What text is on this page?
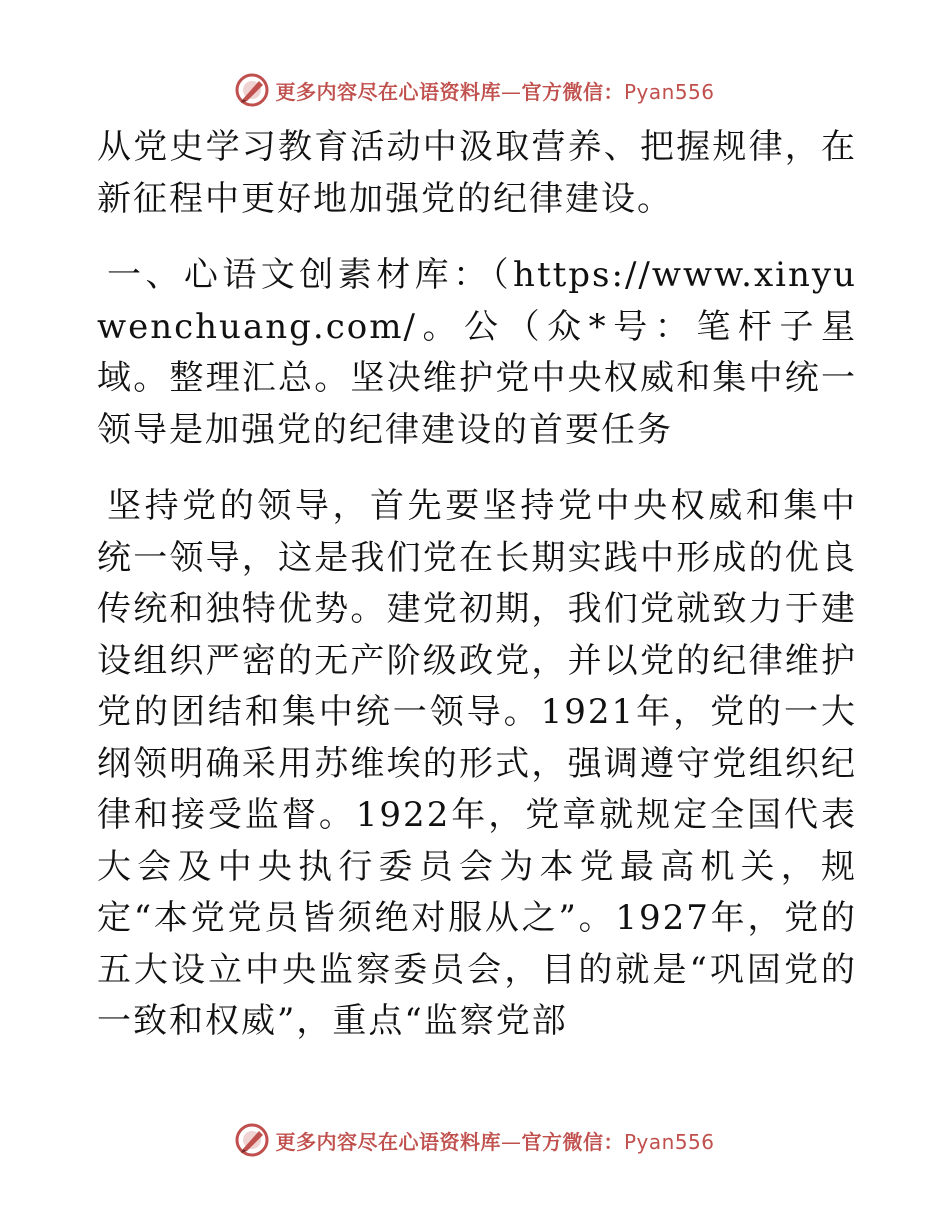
更多内容尽在心语资料库—官方微信：Pyan556

从党史学习教育活动中汲取营养、把握规律，在新征程中更好地加强党的纪律建设。

一、心语文创素材库：（https://www.xinyuwenchuang.com/。公（众*号：笔杆子星域。整理汇总。坚决维护党中央权威和集中统一领导是加强党的纪律建设的首要任务

坚持党的领导，首先要坚持党中央权威和集中统一领导，这是我们党在长期实践中形成的优良传统和独特优势。建党初期，我们党就致力于建设组织严密的无产阶级政党，并以党的纪律维护党的团结和集中统一领导。1921年，党的一大纲领明确采用苏维埃的形式，强调遵守党组织纪律和接受监督。1922年，党章就规定全国代表大会及中央执行委员会为本党最高机关，规定“本党党员皆须绝对服从之”。1927年，党的五大设立中央监察委员会，目的就是“巩固党的一致和权威”，重点“监察党部

更多内容尽在心语资料库—官方微信：Pyan556
